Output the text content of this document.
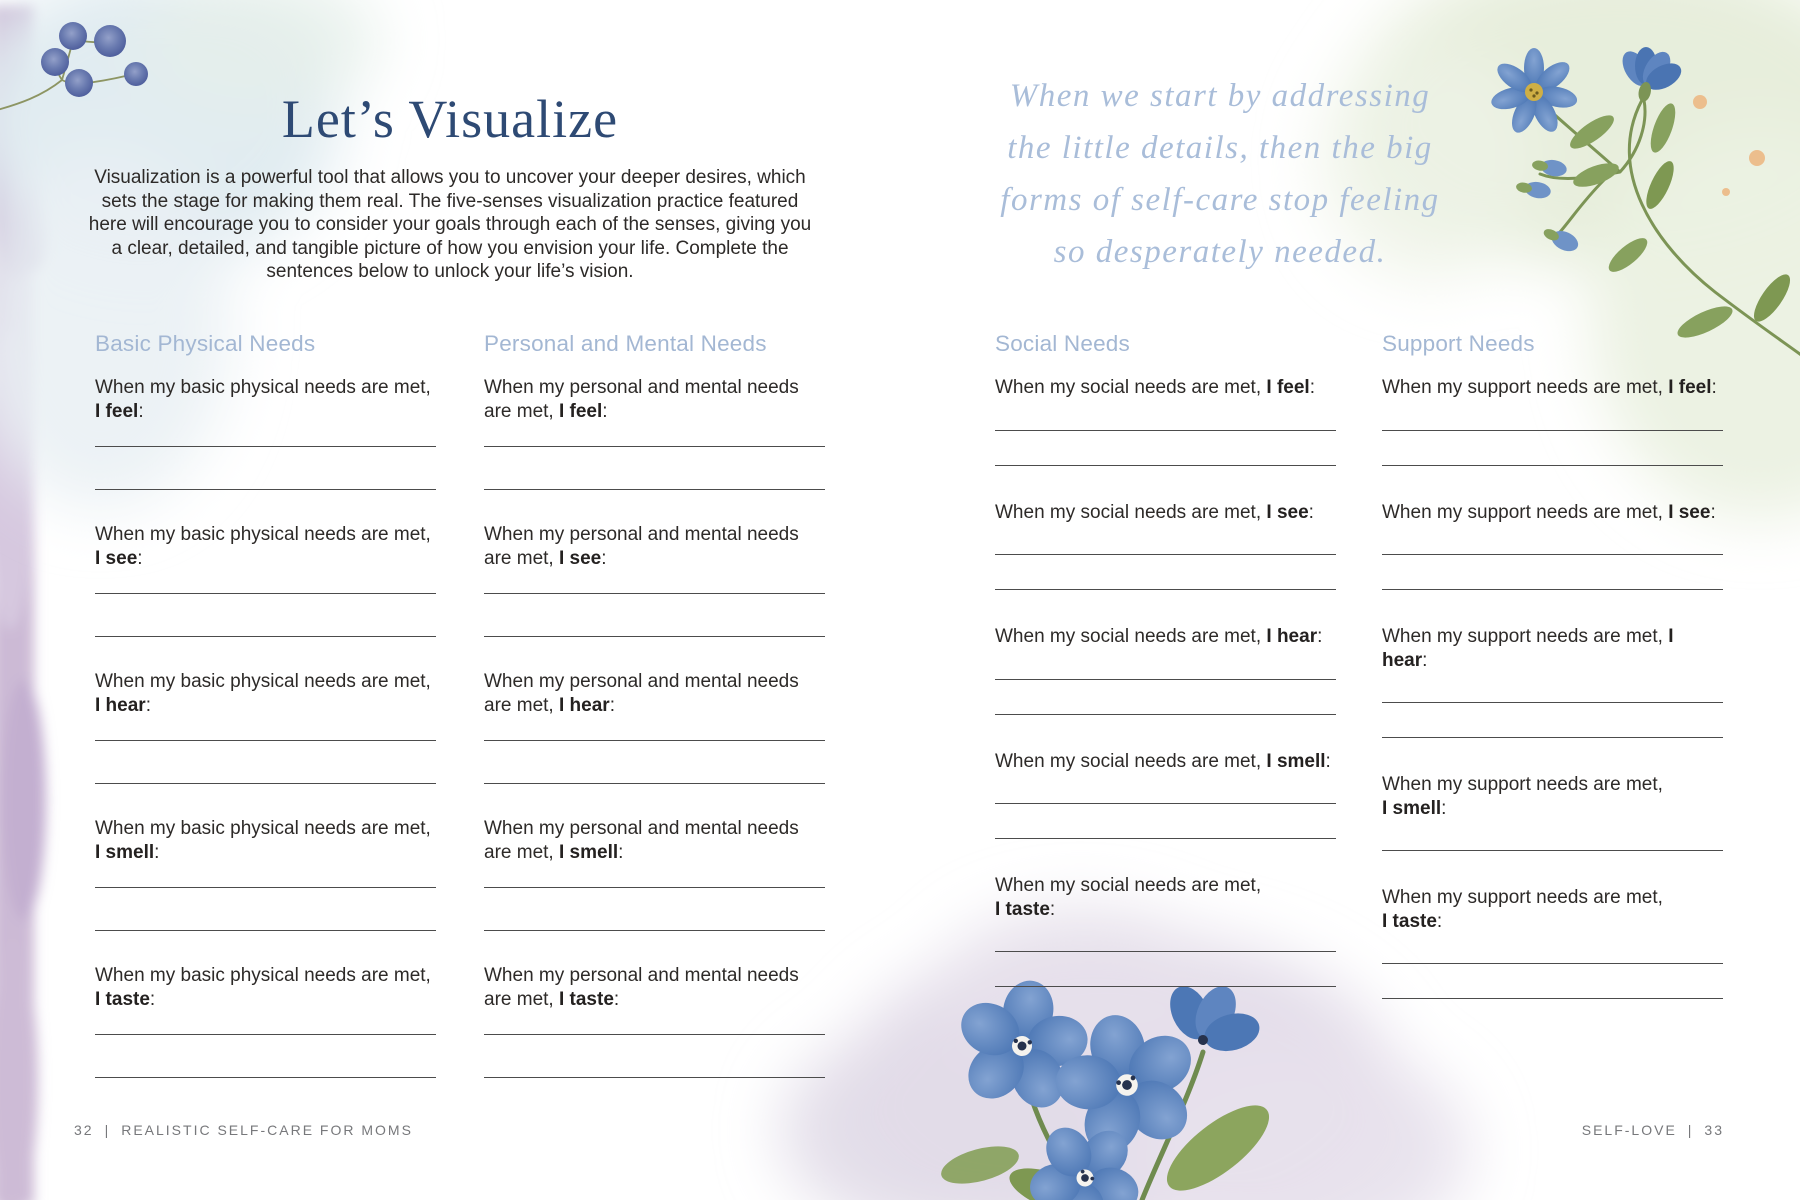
Let’s Visualize

Visualization is a powerful tool that allows you to uncover your deeper desires, which sets the stage for making them real. The five-senses visualization practice featured here will encourage you to consider your goals through each of the senses, giving you a clear, detailed, and tangible picture of how you envision your life. Complete the sentences below to unlock your life’s vision.

When we start by addressing
the little details, then the big
forms of self-care stop feeling
so desperately needed.
Basic Physical Needs

When my basic physical needs are met,
I feel:

When my basic physical needs are met,
I see:

When my basic physical needs are met,
I hear:

When my basic physical needs are met,
I smell:

When my basic physical needs are met,
I taste:

Personal and Mental Needs

When my personal and mental needs
are met, I feel:

When my personal and mental needs
are met, I see:

When my personal and mental needs
are met, I hear:

When my personal and mental needs
are met, I smell:

When my personal and mental needs
are met, I taste:

Social Needs

When my social needs are met, I feel:

When my social needs are met, I see:

When my social needs are met, I hear:

When my social needs are met, I smell:

When my social needs are met,
I taste:

Support Needs

When my support needs are met, I feel:

When my support needs are met, I see:

When my support needs are met, I hear:

When my support needs are met,
I smell:

When my support needs are met,
I taste:

32 | REALISTIC SELF-CARE FOR MOMS	SELF-LOVE | 33
